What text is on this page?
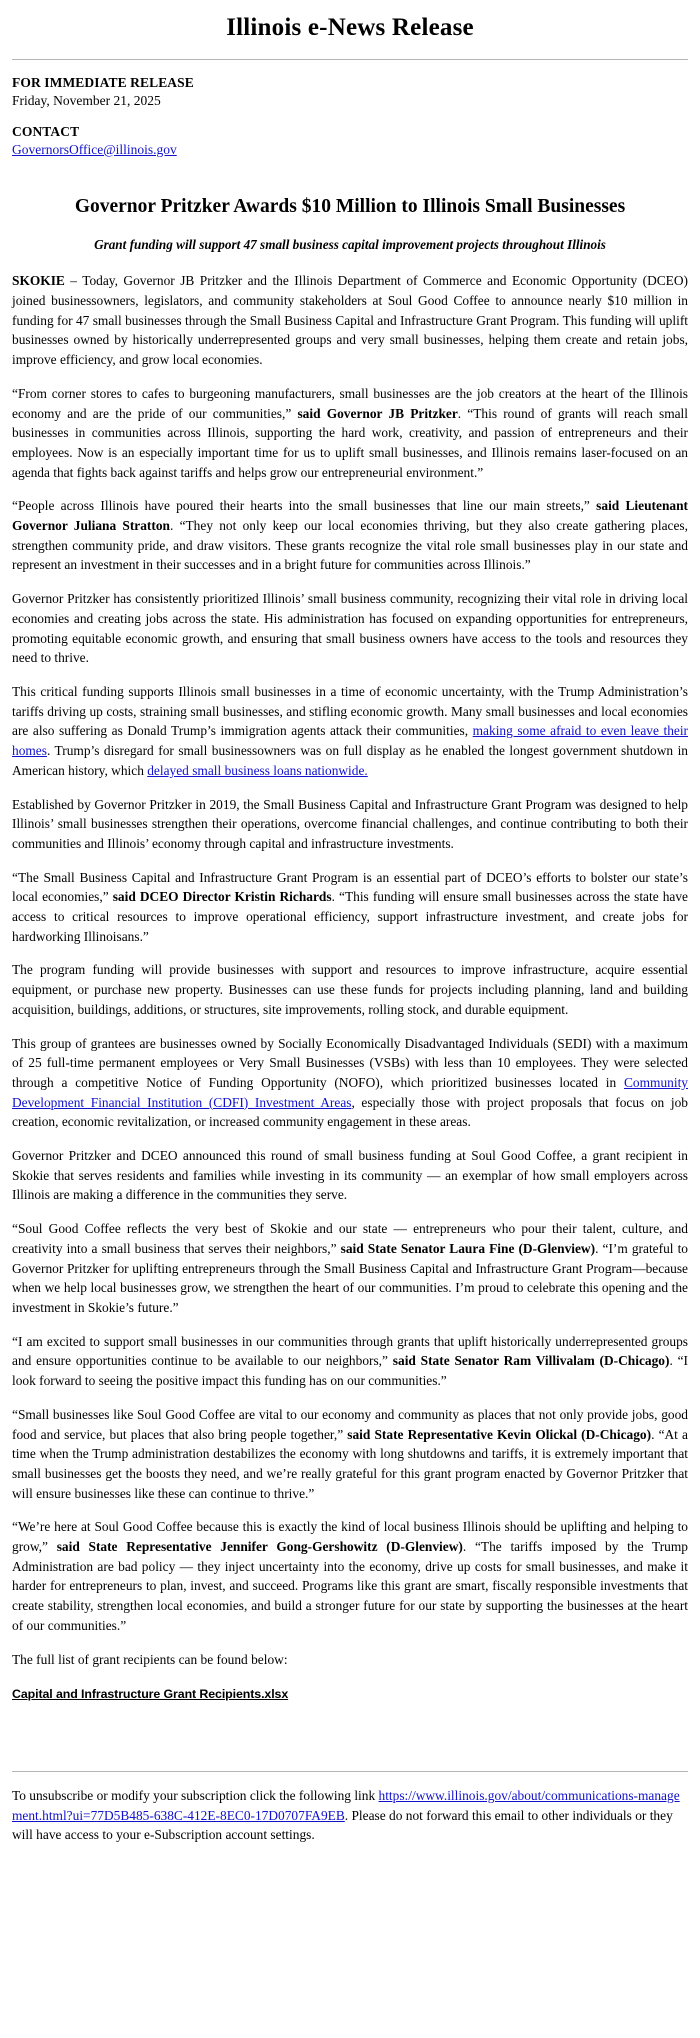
Illinois e-News Release
FOR IMMEDIATE RELEASE
Friday, November 21, 2025
CONTACT
GovernorsOffice@illinois.gov
Governor Pritzker Awards $10 Million to Illinois Small Businesses
Grant funding will support 47 small business capital improvement projects throughout Illinois

SKOKIE – Today, Governor JB Pritzker and the Illinois Department of Commerce and Economic Opportunity (DCEO) joined businessowners, legislators, and community stakeholders at Soul Good Coffee to announce nearly $10 million in funding for 47 small businesses through the Small Business Capital and Infrastructure Grant Program. This funding will uplift businesses owned by historically underrepresented groups and very small businesses, helping them create and retain jobs, improve efficiency, and grow local economies.

“From corner stores to cafes to burgeoning manufacturers, small businesses are the job creators at the heart of the Illinois economy and are the pride of our communities,” said Governor JB Pritzker. “This round of grants will reach small businesses in communities across Illinois, supporting the hard work, creativity, and passion of entrepreneurs and their employees. Now is an especially important time for us to uplift small businesses, and Illinois remains laser-focused on an agenda that fights back against tariffs and helps grow our entrepreneurial environment.”

“People across Illinois have poured their hearts into the small businesses that line our main streets,” said Lieutenant Governor Juliana Stratton. “They not only keep our local economies thriving, but they also create gathering places, strengthen community pride, and draw visitors. These grants recognize the vital role small businesses play in our state and represent an investment in their successes and in a bright future for communities across Illinois.”

Governor Pritzker has consistently prioritized Illinois’ small business community, recognizing their vital role in driving local economies and creating jobs across the state. His administration has focused on expanding opportunities for entrepreneurs, promoting equitable economic growth, and ensuring that small business owners have access to the tools and resources they need to thrive.

This critical funding supports Illinois small businesses in a time of economic uncertainty, with the Trump Administration’s tariffs driving up costs, straining small businesses, and stifling economic growth. Many small businesses and local economies are also suffering as Donald Trump’s immigration agents attack their communities, making some afraid to even leave their homes. Trump’s disregard for small businessowners was on full display as he enabled the longest government shutdown in American history, which delayed small business loans nationwide.

Established by Governor Pritzker in 2019, the Small Business Capital and Infrastructure Grant Program was designed to help Illinois’ small businesses strengthen their operations, overcome financial challenges, and continue contributing to both their communities and Illinois’ economy through capital and infrastructure investments.

“The Small Business Capital and Infrastructure Grant Program is an essential part of DCEO’s efforts to bolster our state’s local economies,” said DCEO Director Kristin Richards. “This funding will ensure small businesses across the state have access to critical resources to improve operational efficiency, support infrastructure investment, and create jobs for hardworking Illinoisans.”

The program funding will provide businesses with support and resources to improve infrastructure, acquire essential equipment, or purchase new property. Businesses can use these funds for projects including planning, land and building acquisition, buildings, additions, or structures, site improvements, rolling stock, and durable equipment.

This group of grantees are businesses owned by Socially Economically Disadvantaged Individuals (SEDI) with a maximum of 25 full-time permanent employees or Very Small Businesses (VSBs) with less than 10 employees. They were selected through a competitive Notice of Funding Opportunity (NOFO), which prioritized businesses located in Community Development Financial Institution (CDFI) Investment Areas, especially those with project proposals that focus on job creation, economic revitalization, or increased community engagement in these areas.

Governor Pritzker and DCEO announced this round of small business funding at Soul Good Coffee, a grant recipient in Skokie that serves residents and families while investing in its community — an exemplar of how small employers across Illinois are making a difference in the communities they serve.

“Soul Good Coffee reflects the very best of Skokie and our state — entrepreneurs who pour their talent, culture, and creativity into a small business that serves their neighbors,” said State Senator Laura Fine (D-Glenview). “I’m grateful to Governor Pritzker for uplifting entrepreneurs through the Small Business Capital and Infrastructure Grant Program—because when we help local businesses grow, we strengthen the heart of our communities. I’m proud to celebrate this opening and the investment in Skokie’s future.”

“I am excited to support small businesses in our communities through grants that uplift historically underrepresented groups and ensure opportunities continue to be available to our neighbors,” said State Senator Ram Villivalam (D-Chicago). “I look forward to seeing the positive impact this funding has on our communities.”

“Small businesses like Soul Good Coffee are vital to our economy and community as places that not only provide jobs, good food and service, but places that also bring people together,” said State Representative Kevin Olickal (D-Chicago). “At a time when the Trump administration destabilizes the economy with long shutdowns and tariffs, it is extremely important that small businesses get the boosts they need, and we’re really grateful for this grant program enacted by Governor Pritzker that will ensure businesses like these can continue to thrive.”

“We’re here at Soul Good Coffee because this is exactly the kind of local business Illinois should be uplifting and helping to grow,” said State Representative Jennifer Gong-Gershowitz (D-Glenview). “The tariffs imposed by the Trump Administration are bad policy — they inject uncertainty into the economy, drive up costs for small businesses, and make it harder for entrepreneurs to plan, invest, and succeed. Programs like this grant are smart, fiscally responsible investments that create stability, strengthen local economies, and build a stronger future for our state by supporting the businesses at the heart of our communities.”

The full list of grant recipients can be found below:

Capital and Infrastructure Grant Recipients.xlsx

To unsubscribe or modify your subscription click the following link https://www.illinois.gov/about/communications-management.html?ui=77D5B485-638C-412E-8EC0-17D0707FA9EB. Please do not forward this email to other individuals or they will have access to your e-Subscription account settings.
